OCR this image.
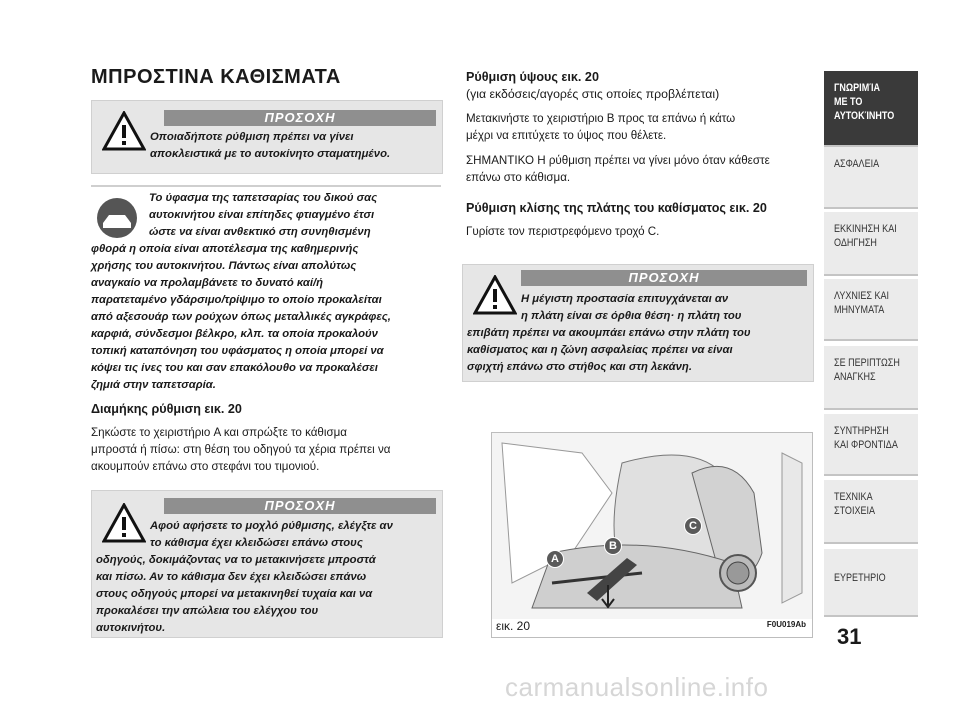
ΜΠΡΟΣΤΙΝΑ ΚΑΘΙΣΜΑΤΑ
ΠΡΟΣΟΧΗ
Οποιαδήποτε ρύθμιση πρέπει να γίνει
αποκλειστικά με το αυτοκίνητο σταματημένο.
Το ύφασμα της ταπετσαρίας του δικού σας
αυτοκινήτου είναι επίτηδες φτιαγμένο έτσι
ώστε να είναι ανθεκτικό στη συνηθισμένη
φθορά η οποία είναι αποτέλεσμα της καθημερινής
χρήσης του αυτοκινήτου. Πάντως είναι απολύτως
αναγκαίο να προλαμβάνετε το δυνατό καί/ή
παρατεταμένο γδάρσιμο/τρίψιμο το οποίο προκαλείται
από αξεσουάρ των ρούχων όπως μεταλλικές αγκράφες,
καρφιά, σύνδεσμοι βέλκρο, κλπ. τα οποία προκαλούν
τοπική καταπόνηση του υφάσματος η οποία μπορεί να
κόψει τις ίνες του και σαν επακόλουθο να προκαλέσει
ζημιά στην ταπετσαρία.
Διαμήκης ρύθμιση εικ. 20
Σηκώστε το χειριστήριο A και σπρώξτε το κάθισμα
μπροστά ή πίσω: στη θέση του οδηγού τα χέρια πρέπει να
ακουμπούν επάνω στο στεφάνι του τιμονιού.
ΠΡΟΣΟΧΗ
Αφού αφήσετε το μοχλό ρύθμισης, ελέγξτε αν
το κάθισμα έχει κλειδώσει επάνω στους
οδηγούς, δοκιμάζοντας να το μετακινήσετε μπροστά
και πίσω. Αν το κάθισμα δεν έχει κλειδώσει επάνω
στους οδηγούς μπορεί να μετακινηθεί τυχαία και να
προκαλέσει την απώλεια του ελέγχου του
αυτοκινήτου.
Ρύθμιση ύψους εικ. 20
(για εκδόσεις/αγορές στις οποίες προβλέπεται)
Μετακινήστε το χειριστήριο B προς τα επάνω ή κάτω
μέχρι να επιτύχετε το ύψος που θέλετε.
ΣΗΜΑΝΤΙΚΟ Η ρύθμιση πρέπει να γίνει μόνο όταν κάθεστε
επάνω στο κάθισμα.
Ρύθμιση κλίσης της πλάτης του καθίσματος εικ. 20
Γυρίστε τον περιστρεφόμενο τροχό C.
ΠΡΟΣΟΧΗ
Η μέγιστη προστασία επιτυγχάνεται αν
η πλάτη είναι σε όρθια θέση· η πλάτη του
επιβάτη πρέπει να ακουμπάει επάνω στην πλάτη του
καθίσματος και η ζώνη ασφαλείας πρέπει να είναι
σφιχτή επάνω στο στήθος και στη λεκάνη.
A
B
C
εικ. 20	F0U019Ab
ΓΝΩΡΙΜΊΑ
ΜΕ ΤΟ
ΑΥΤΟΚΊΝΗΤΟ
ΑΣΦΑΛΕΙΑ
ΕΚΚΙΝΗΣΗ ΚΑΙ
ΟΔΗΓΗΣΗ
ΛΥΧΝΙΕΣ ΚΑΙ
ΜΗΝΥΜΑΤΑ
ΣΕ ΠΕΡΙΠΤΩΣΗ
ΑΝΑΓΚΗΣ
ΣΥΝΤΗΡΗΣΗ
ΚΑΙ ΦΡΟΝΤΙΔΑ
ΤΕΧΝΙΚΑ
ΣΤΟΙΧΕΙΑ
ΕΥΡΕΤΗΡΙΟ
31
carmanualsonline.info
